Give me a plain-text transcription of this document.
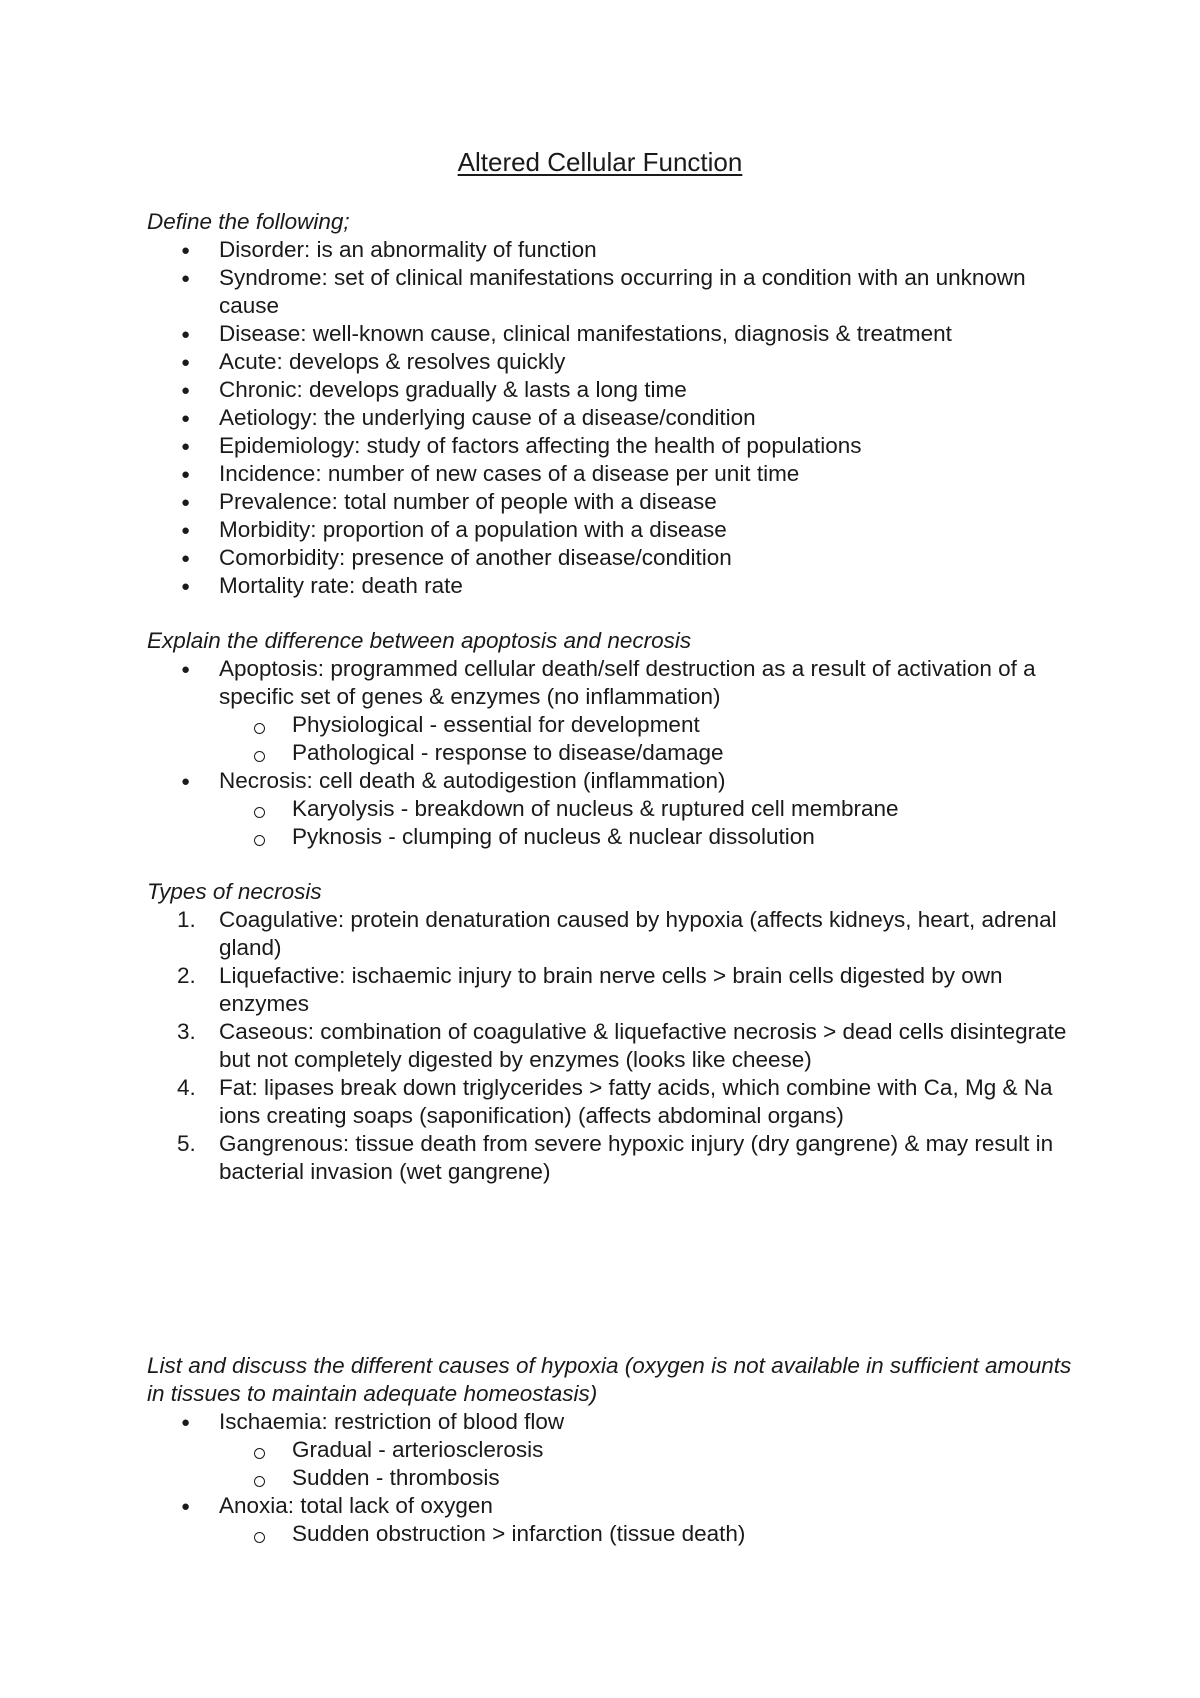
Altered Cellular Function

Define the following;

●	Disorder: is an abnormality of function
●	Syndrome: set of clinical manifestations occurring in a condition with an unknown cause
●	Disease: well-known cause, clinical manifestations, diagnosis & treatment
●	Acute: develops & resolves quickly
●	Chronic: develops gradually & lasts a long time
●	Aetiology: the underlying cause of a disease/condition
●	Epidemiology: study of factors affecting the health of populations
●	Incidence: number of new cases of a disease per unit time
●	Prevalence: total number of people with a disease
●	Morbidity: proportion of a population with a disease
●	Comorbidity: presence of another disease/condition
●	Mortality rate: death rate

Explain the difference between apoptosis and necrosis

●	Apoptosis: programmed cellular death/self destruction as a result of activation of a specific set of genes & enzymes (no inflammation)
Physiological - essential for development
Pathological - response to disease/damage
●	Necrosis: cell death & autodigestion (inflammation)
Karyolysis - breakdown of nucleus & ruptured cell membrane
Pyknosis - clumping of nucleus & nuclear dissolution

Types of necrosis

1.	Coagulative: protein denaturation caused by hypoxia (affects kidneys, heart, adrenal gland)
2.	Liquefactive: ischaemic injury to brain nerve cells > brain cells digested by own enzymes
3.	Caseous: combination of coagulative & liquefactive necrosis > dead cells disintegrate but not completely digested by enzymes (looks like cheese)
4.	Fat: lipases break down triglycerides > fatty acids, which combine with Ca, Mg & Na ions creating soaps (saponification) (affects abdominal organs)
5.	Gangrenous: tissue death from severe hypoxic injury (dry gangrene) & may result in bacterial invasion (wet gangrene)

List and discuss the different causes of hypoxia (oxygen is not available in sufficient amounts in tissues to maintain adequate homeostasis)

●	Ischaemia: restriction of blood flow
Gradual - arteriosclerosis
Sudden - thrombosis
●	Anoxia: total lack of oxygen
Sudden obstruction > infarction (tissue death)
